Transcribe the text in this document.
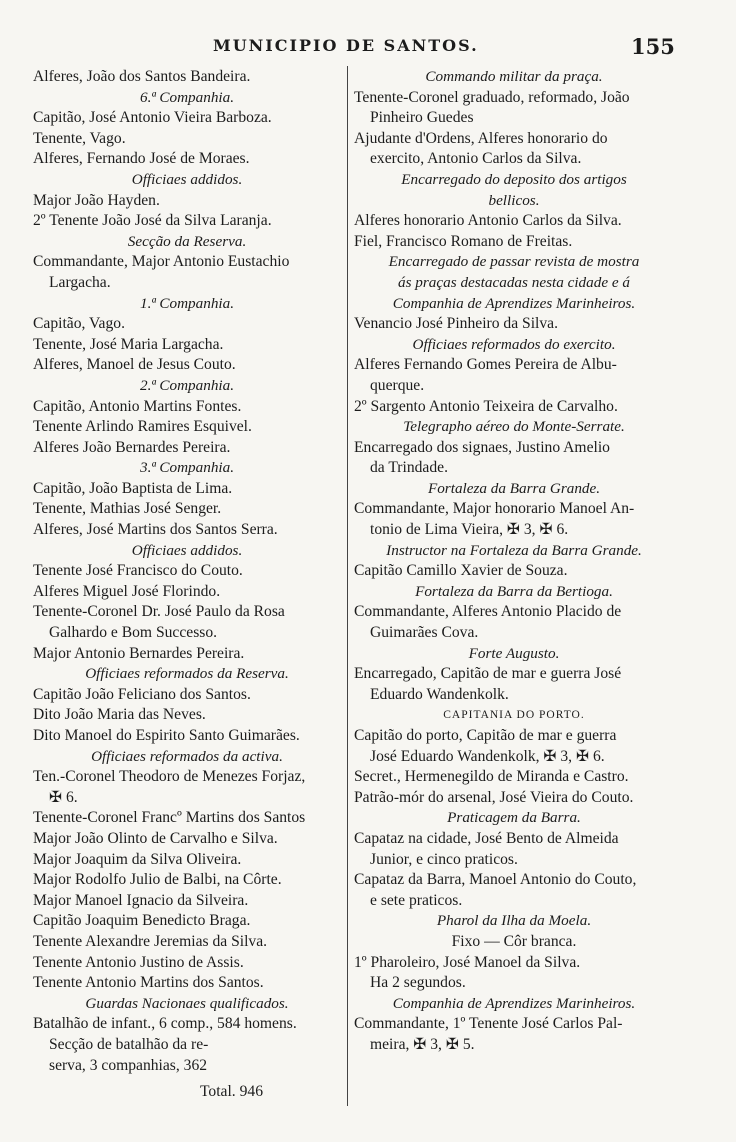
MUNICIPIO DE SANTOS.	155
Alferes, João dos Santos Bandeira.
6.ª Companhia.
Capitão, José Antonio Vieira Barboza.
Tenente, Vago.
Alferes, Fernando José de Moraes.
Officiaes addidos.
Major João Hayden.
2º Tenente João José da Silva Laranja.
Secção da Reserva.
Commandante, Major Antonio Eustachio
Largacha.
1.ª Companhia.
Capitão, Vago.
Tenente, José Maria Largacha.
Alferes, Manoel de Jesus Couto.
2.ª Companhia.
Capitão, Antonio Martins Fontes.
Tenente Arlindo Ramires Esquivel.
Alferes João Bernardes Pereira.
3.ª Companhia.
Capitão, João Baptista de Lima.
Tenente, Mathias José Senger.
Alferes, José Martins dos Santos Serra.
Officiaes addidos.
Tenente José Francisco do Couto.
Alferes Miguel José Florindo.
Tenente-Coronel Dr. José Paulo da Rosa
Galhardo e Bom Successo.
Major Antonio Bernardes Pereira.
Officiaes reformados da Reserva.
Capitão João Feliciano dos Santos.
Dito João Maria das Neves.
Dito Manoel do Espirito Santo Guimarães.
Officiaes reformados da activa.
Ten.-Coronel Theodoro de Menezes Forjaz,
✠ 6.
Tenente-Coronel Francº Martins dos Santos
Major João Olinto de Carvalho e Silva.
Major Joaquim da Silva Oliveira.
Major Rodolfo Julio de Balbi, na Côrte.
Major Manoel Ignacio da Silveira.
Capitão Joaquim Benedicto Braga.
Tenente Alexandre Jeremias da Silva.
Tenente Antonio Justino de Assis.
Tenente Antonio Martins dos Santos.
Guardas Nacionaes qualificados.
Batalhão de infant., 6 comp., 584 homens.
Secção de batalhão da re-
serva, 3 companhias, 362
Total. 946
Commando militar da praça.
Tenente-Coronel graduado, reformado, João
Pinheiro Guedes
Ajudante d'Ordens, Alferes honorario do
exercito, Antonio Carlos da Silva.
Encarregado do deposito dos artigos
bellicos.
Alferes honorario Antonio Carlos da Silva.
Fiel, Francisco Romano de Freitas.
Encarregado de passar revista de mostra
ás praças destacadas nesta cidade e á
Companhia de Aprendizes Marinheiros.
Venancio José Pinheiro da Silva.
Officiaes reformados do exercito.
Alferes Fernando Gomes Pereira de Albu-
querque.
2º Sargento Antonio Teixeira de Carvalho.
Telegrapho aéreo do Monte-Serrate.
Encarregado dos signaes, Justino Amelio
da Trindade.
Fortaleza da Barra Grande.
Commandante, Major honorario Manoel An-
tonio de Lima Vieira, ✠ 3, ✠ 6.
Instructor na Fortaleza da Barra Grande.
Capitão Camillo Xavier de Souza.
Fortaleza da Barra da Bertioga.
Commandante, Alferes Antonio Placido de
Guimarães Cova.
Forte Augusto.
Encarregado, Capitão de mar e guerra José
Eduardo Wandenkolk.
CAPITANIA DO PORTO.
Capitão do porto, Capitão de mar e guerra
José Eduardo Wandenkolk, ✠ 3, ✠ 6.
Secret., Hermenegildo de Miranda e Castro.
Patrão-mór do arsenal, José Vieira do Couto.
Praticagem da Barra.
Capataz na cidade, José Bento de Almeida
Junior, e cinco praticos.
Capataz da Barra, Manoel Antonio do Couto,
e sete praticos.
Pharol da Ilha da Moela.
Fixo — Côr branca.
1º Pharoleiro, José Manoel da Silva.
Ha 2 segundos.
Companhia de Aprendizes Marinheiros.
Commandante, 1º Tenente José Carlos Pal-
meira, ✠ 3, ✠ 5.
